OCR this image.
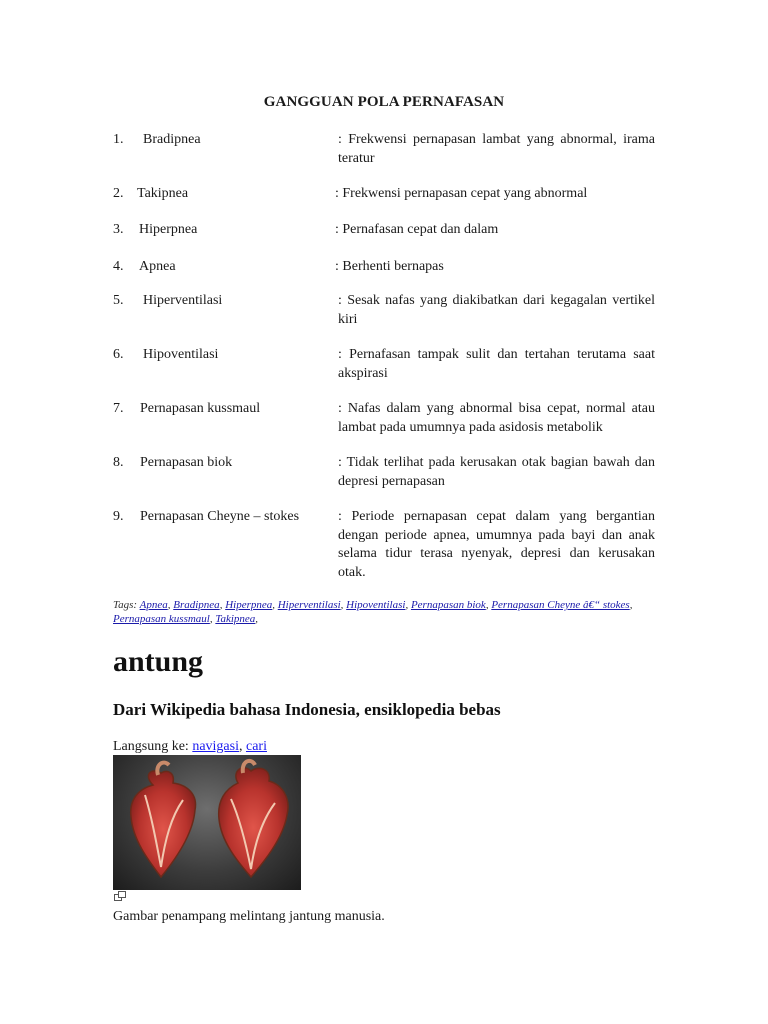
GANGGUAN POLA PERNAFASAN
1. Bradipnea	: Frekwensi pernapasan lambat yang abnormal, irama teratur
2. Takipnea	: Frekwensi pernapasan cepat yang abnormal
3. Hiperpnea	: Pernafasan cepat dan dalam
4. Apnea	: Berhenti bernapas
5. Hiperventilasi	: Sesak nafas yang diakibatkan dari kegagalan vertikel kiri
6. Hipoventilasi	: Pernafasan tampak sulit dan tertahan terutama saat akspirasi
7. Pernapasan kussmaul	: Nafas dalam yang abnormal bisa cepat, normal atau lambat pada umumnya pada asidosis metabolik
8. Pernapasan biok	: Tidak terlihat pada kerusakan otak bagian bawah dan depresi pernapasan
9. Pernapasan Cheyne – stokes	: Periode pernapasan cepat dalam yang bergantian dengan periode apnea, umumnya pada bayi dan anak selama tidur terasa nyenyak, depresi dan kerusakan otak.
Tags: Apnea, Bradipnea, Hiperpnea, Hiperventilasi, Hipoventilasi, Pernapasan biok, Pernapasan Cheyne â€“ stokes, Pernapasan kussmaul, Takipnea,
antung
Dari Wikipedia bahasa Indonesia, ensiklopedia bebas
Langsung ke: navigasi, cari
Gambar penampang melintang jantung manusia.
